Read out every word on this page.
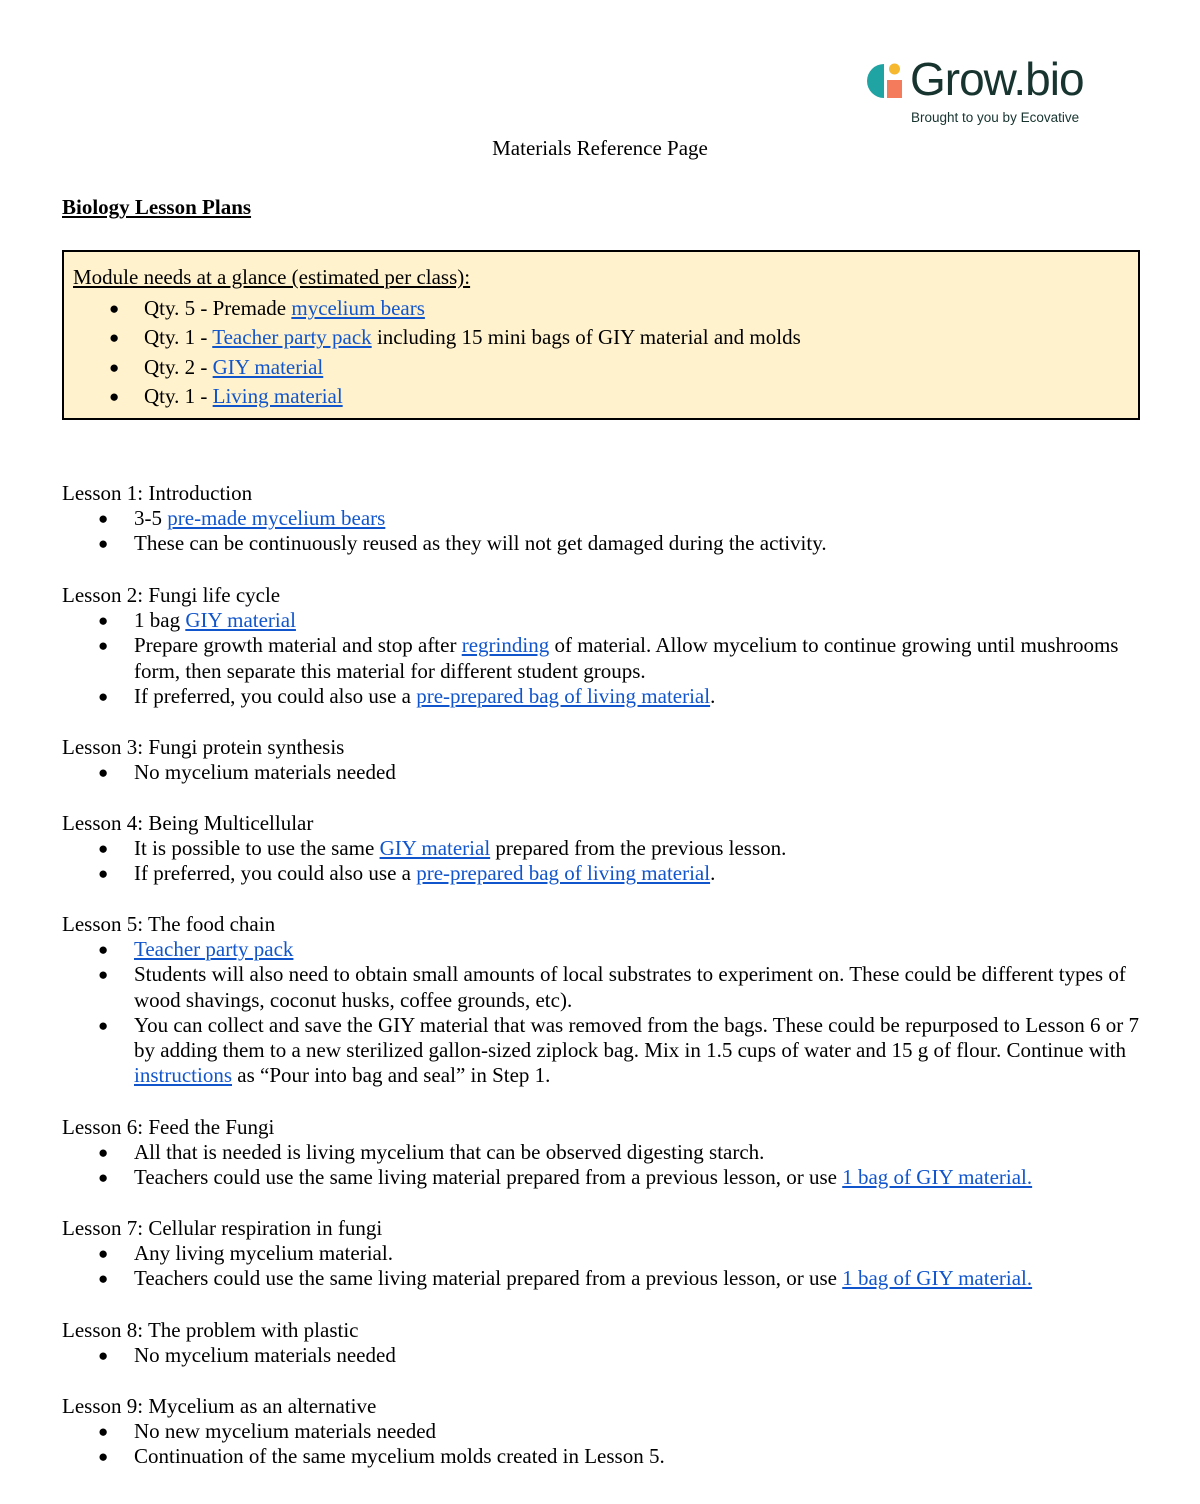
Grow.bio
Brought to you by Ecovative
Materials Reference Page
Biology Lesson Plans
Module needs at a glance (estimated per class):
● Qty. 5 - Premade mycelium bears
● Qty. 1 - Teacher party pack including 15 mini bags of GIY material and molds
● Qty. 2 - GIY material
● Qty. 1 - Living material
Lesson 1: Introduction
● 3-5 pre-made mycelium bears
● These can be continuously reused as they will not get damaged during the activity.
Lesson 2: Fungi life cycle
● 1 bag GIY material
● Prepare growth material and stop after regrinding of material. Allow mycelium to continue growing until mushrooms form, then separate this material for different student groups.
● If preferred, you could also use a pre-prepared bag of living material.
Lesson 3: Fungi protein synthesis
● No mycelium materials needed
Lesson 4: Being Multicellular
● It is possible to use the same GIY material prepared from the previous lesson.
● If preferred, you could also use a pre-prepared bag of living material.
Lesson 5: The food chain
● Teacher party pack
● Students will also need to obtain small amounts of local substrates to experiment on. These could be different types of wood shavings, coconut husks, coffee grounds, etc).
● You can collect and save the GIY material that was removed from the bags. These could be repurposed to Lesson 6 or 7 by adding them to a new sterilized gallon-sized ziplock bag. Mix in 1.5 cups of water and 15 g of flour. Continue with instructions as “Pour into bag and seal” in Step 1.
Lesson 6: Feed the Fungi
● All that is needed is living mycelium that can be observed digesting starch.
● Teachers could use the same living material prepared from a previous lesson, or use 1 bag of GIY material.
Lesson 7: Cellular respiration in fungi
● Any living mycelium material.
● Teachers could use the same living material prepared from a previous lesson, or use 1 bag of GIY material.
Lesson 8: The problem with plastic
● No mycelium materials needed
Lesson 9: Mycelium as an alternative
● No new mycelium materials needed
● Continuation of the same mycelium molds created in Lesson 5.
